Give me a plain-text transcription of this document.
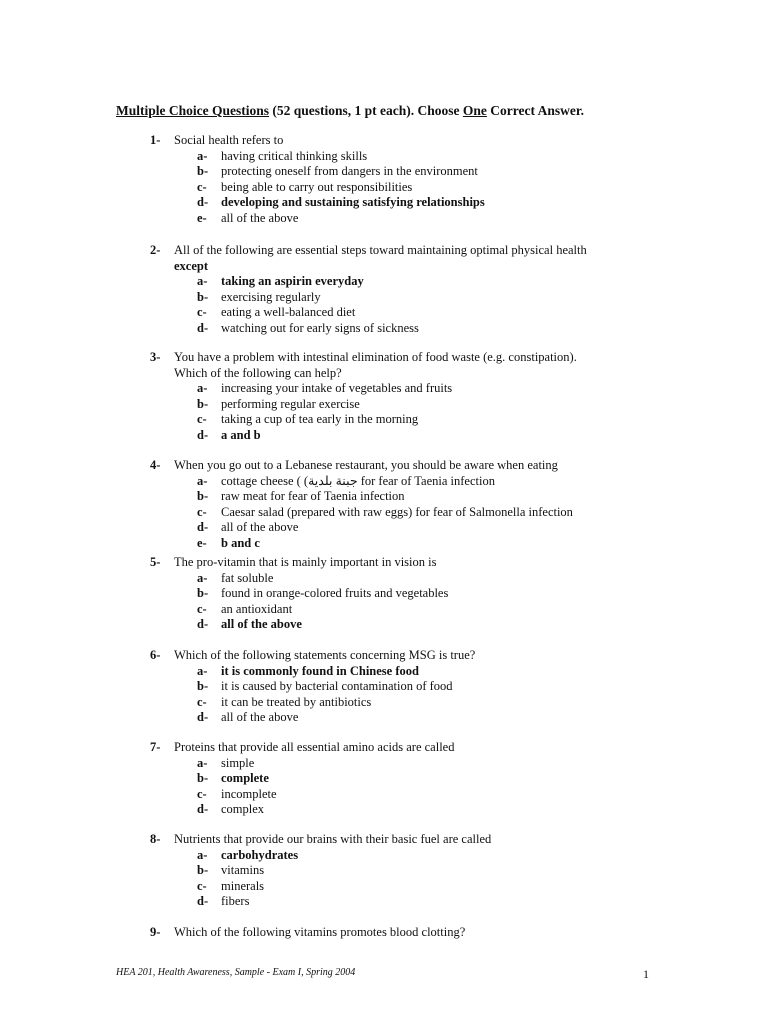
Multiple Choice Questions (52 questions, 1 pt each). Choose One Correct Answer.
1- Social health refers to
a- having critical thinking skills
b- protecting oneself from dangers in the environment
c- being able to carry out responsibilities
d- developing and sustaining satisfying relationships
e- all of the above
2- All of the following are essential steps toward maintaining optimal physical health
except
a- taking an aspirin everyday
b- exercising regularly
c- eating a well-balanced diet
d- watching out for early signs of sickness
3- You have a problem with intestinal elimination of food waste (e.g. constipation).
Which of the following can help?
a- increasing your intake of vegetables and fruits
b- performing regular exercise
c- taking a cup of tea early in the morning
d- a and b
4- When you go out to a Lebanese restaurant, you should be aware when eating
a- cottage cheese ( (جبنة بلدية for fear of Taenia infection
b- raw meat for fear of Taenia infection
c- Caesar salad (prepared with raw eggs) for fear of Salmonella infection
d- all of the above
e- b and c
5- The pro-vitamin that is mainly important in vision is
a- fat soluble
b- found in orange-colored fruits and vegetables
c- an antioxidant
d- all of the above
6- Which of the following statements concerning MSG is true?
a- it is commonly found in Chinese food
b- it is caused by bacterial contamination of food
c- it can be treated by antibiotics
d- all of the above
7- Proteins that provide all essential amino acids are called
a- simple
b- complete
c- incomplete
d- complex
8- Nutrients that provide our brains with their basic fuel are called
a- carbohydrates
b- vitamins
c- minerals
d- fibers
9- Which of the following vitamins promotes blood clotting?
HEA 201, Health Awareness, Sample - Exam I, Spring 2004	1
